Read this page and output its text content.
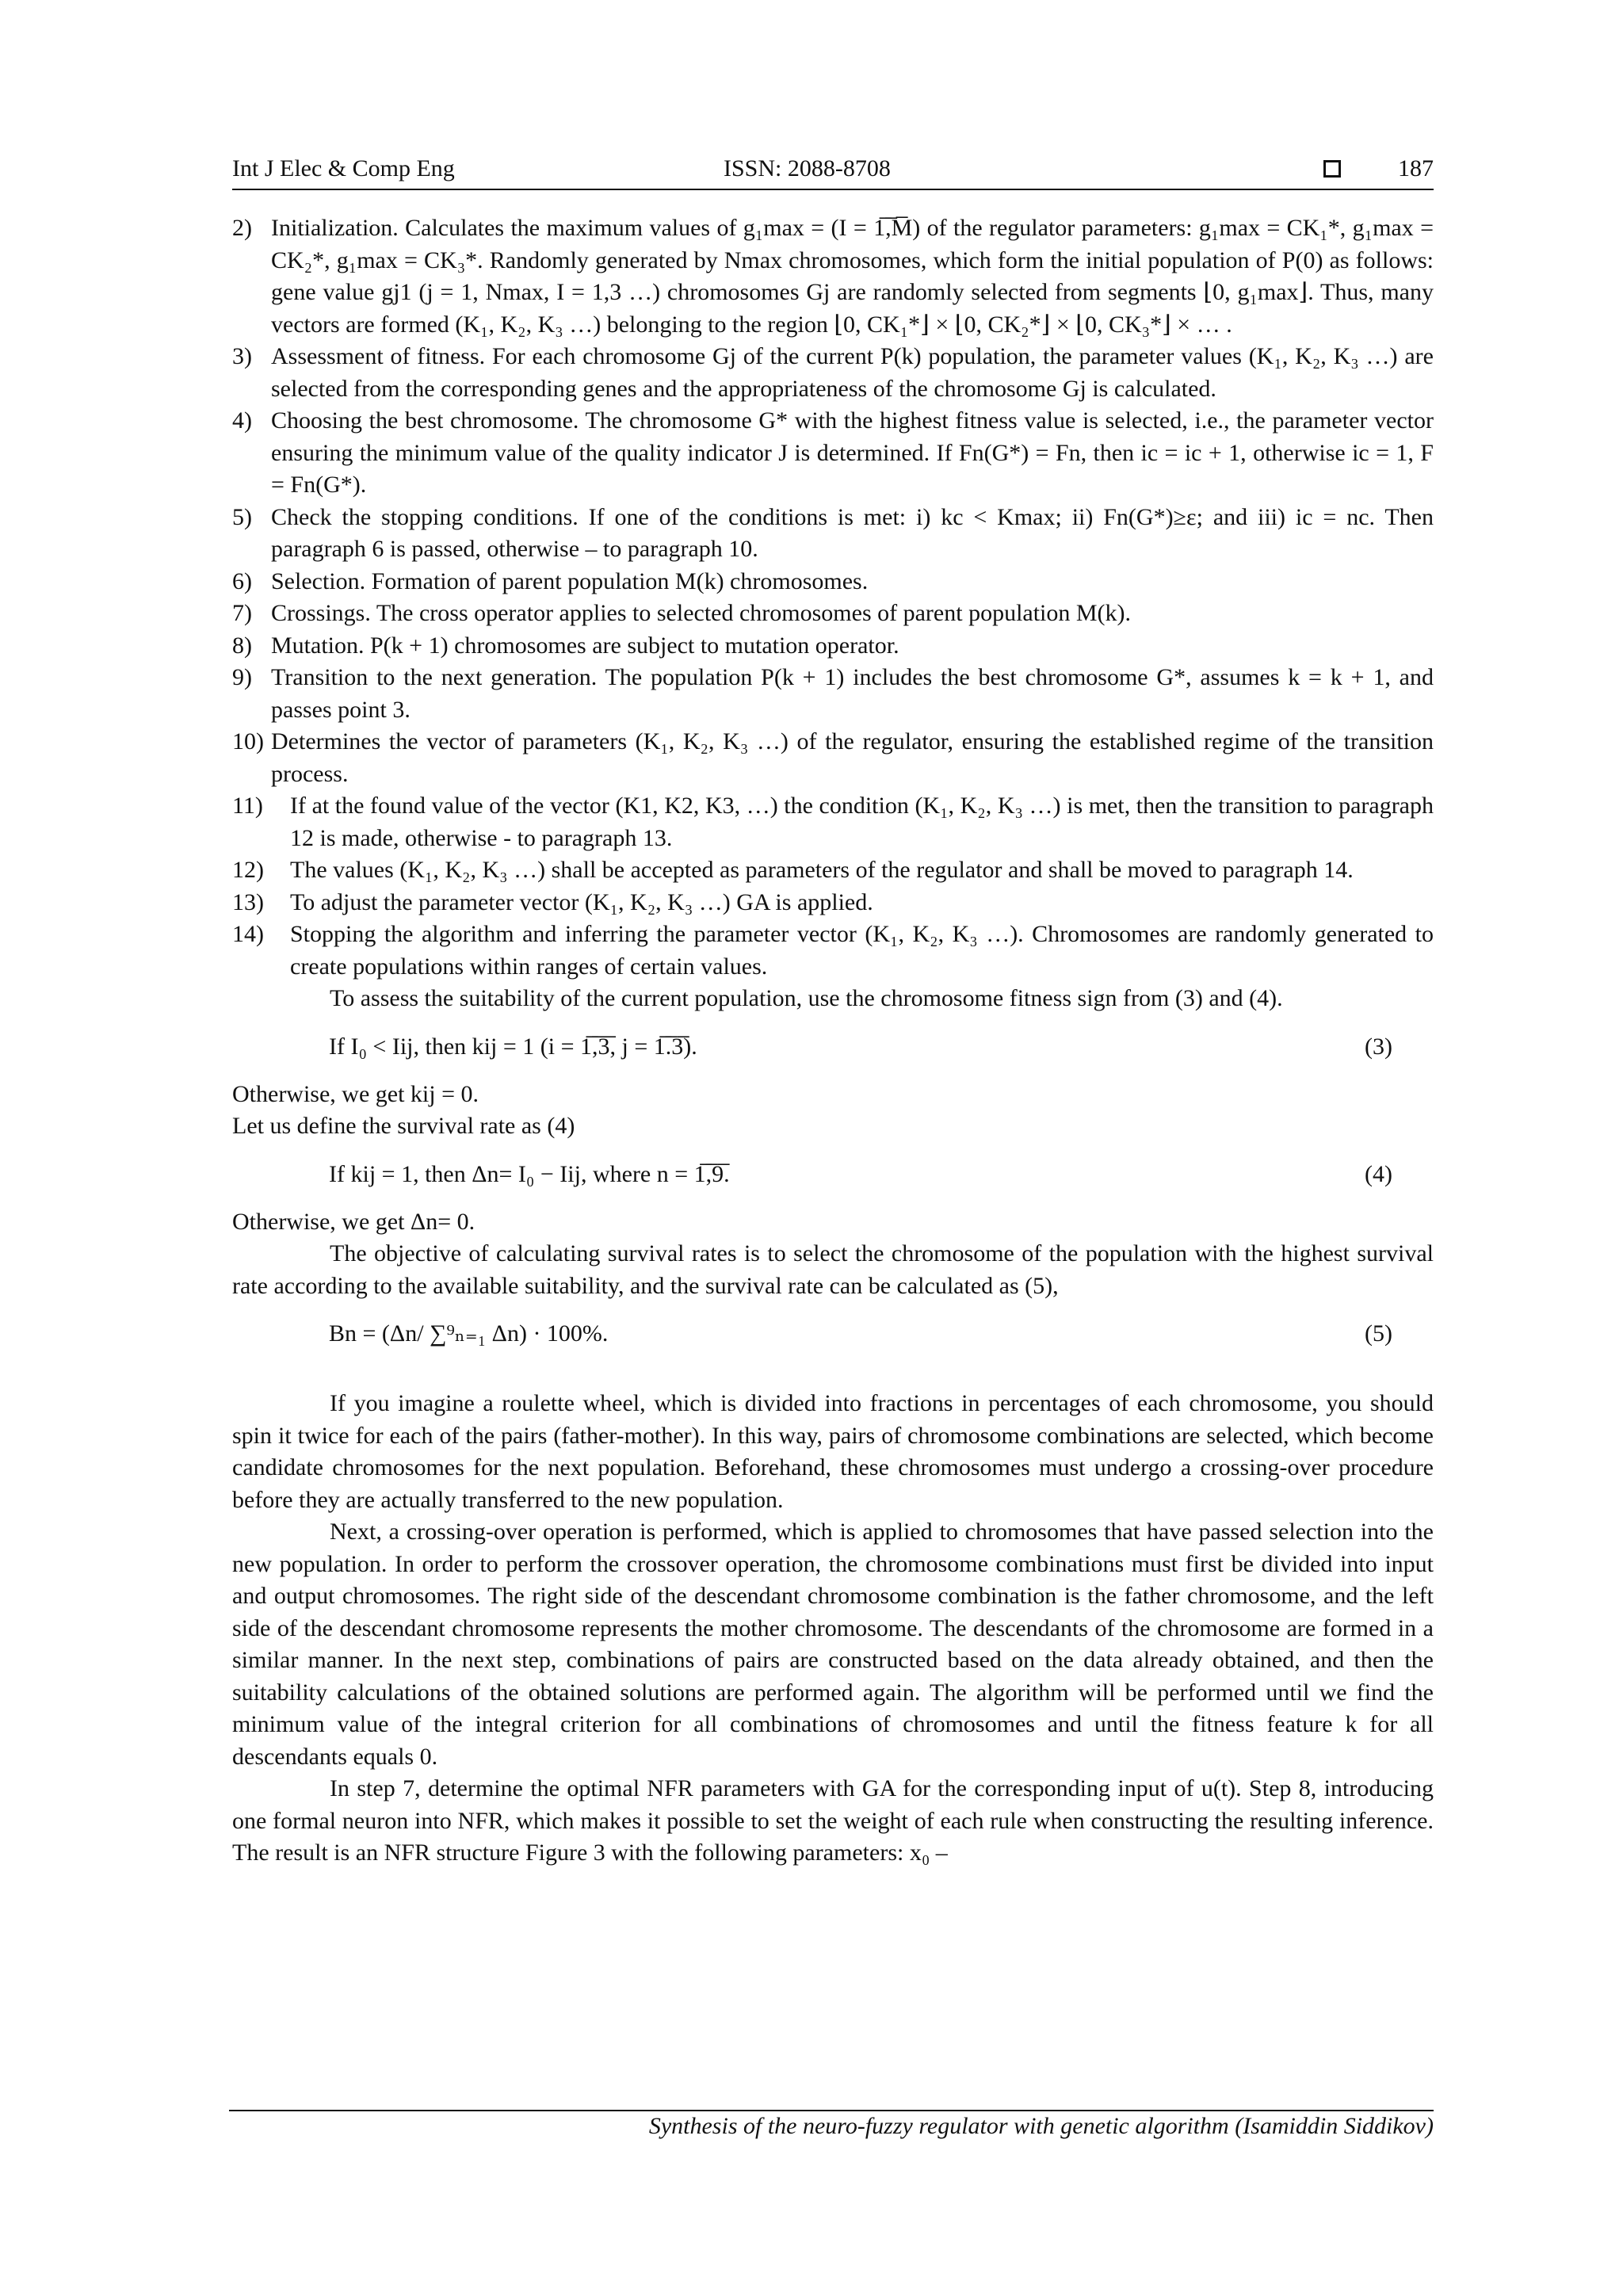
Int J Elec & Comp Eng	ISSN: 2088-8708	187
2) Initialization. Calculates the maximum values of g₁max = (I = 1̅,̅M̅) of the regulator parameters: g₁max = CK₁*, g₁max = CK₂*, g₁max = CK₃*. Randomly generated by Nmax chromosomes, which form the initial population of P(0) as follows: gene value gj1 (j = 1, Nmax, I = 1,3 …) chromosomes Gj are randomly selected from segments ⌊0, g₁max⌋. Thus, many vectors are formed (K₁, K₂, K₃ …) belonging to the region ⌊0, CK₁*⌋ × ⌊0, CK₂*⌋ × ⌊0, CK₃*⌋ × … .
3) Assessment of fitness. For each chromosome Gj of the current P(k) population, the parameter values (K₁, K₂, K₃ …) are selected from the corresponding genes and the appropriateness of the chromosome Gj is calculated.
4) Choosing the best chromosome. The chromosome G* with the highest fitness value is selected, i.e., the parameter vector ensuring the minimum value of the quality indicator J is determined. If Fn(G*) = Fn, then ic = ic + 1, otherwise ic = 1, F = Fn(G*).
5) Check the stopping conditions. If one of the conditions is met: i) kc < Kmax; ii) Fn(G*)≥ε; and iii) ic = nc. Then paragraph 6 is passed, otherwise – to paragraph 10.
6) Selection. Formation of parent population M(k) chromosomes.
7) Crossings. The cross operator applies to selected chromosomes of parent population M(k).
8) Mutation. P(k + 1) chromosomes are subject to mutation operator.
9) Transition to the next generation. The population P(k + 1) includes the best chromosome G*, assumes k = k + 1, and passes point 3.
10) Determines the vector of parameters (K₁, K₂, K₃ …) of the regulator, ensuring the established regime of the transition process.
11) If at the found value of the vector (K1, K2, K3, …) the condition (K₁, K₂, K₃ …) is met, then the transition to paragraph 12 is made, otherwise - to paragraph 13.
12) The values (K₁, K₂, K₃ …) shall be accepted as parameters of the regulator and shall be moved to paragraph 14.
13) To adjust the parameter vector (K₁, K₂, K₃ …) GA is applied.
14) Stopping the algorithm and inferring the parameter vector (K₁, K₂, K₃ …). Chromosomes are randomly generated to create populations within ranges of certain values.

To assess the suitability of the current population, use the chromosome fitness sign from (3) and (4).

If I₀ < Iij, then kij = 1 (i = 1̅,̅3̅, j = 1̅.̅3̅).	(3)

Otherwise, we get kij = 0.

Let us define the survival rate as (4)

If kij = 1, then Δn= I₀ − Iij, where n = 1̅,̅9̅.	(4)

Otherwise, we get Δn= 0.

The objective of calculating survival rates is to select the chromosome of the population with the highest survival rate according to the available suitability, and the survival rate can be calculated as (5),

Bn = (Δn/ ∑⁹ₙ₌₁ Δn) · 100%.	(5)

If you imagine a roulette wheel, which is divided into fractions in percentages of each chromosome, you should spin it twice for each of the pairs (father-mother). In this way, pairs of chromosome combinations are selected, which become candidate chromosomes for the next population. Beforehand, these chromosomes must undergo a crossing-over procedure before they are actually transferred to the new population.

Next, a crossing-over operation is performed, which is applied to chromosomes that have passed selection into the new population. In order to perform the crossover operation, the chromosome combinations must first be divided into input and output chromosomes. The right side of the descendant chromosome combination is the father chromosome, and the left side of the descendant chromosome represents the mother chromosome. The descendants of the chromosome are formed in a similar manner. In the next step, combinations of pairs are constructed based on the data already obtained, and then the suitability calculations of the obtained solutions are performed again. The algorithm will be performed until we find the minimum value of the integral criterion for all combinations of chromosomes and until the fitness feature k for all descendants equals 0.

In step 7, determine the optimal NFR parameters with GA for the corresponding input of u(t). Step 8, introducing one formal neuron into NFR, which makes it possible to set the weight of each rule when constructing the resulting inference. The result is an NFR structure Figure 3 with the following parameters: x₀ –

Synthesis of the neuro-fuzzy regulator with genetic algorithm (Isamiddin Siddikov)
